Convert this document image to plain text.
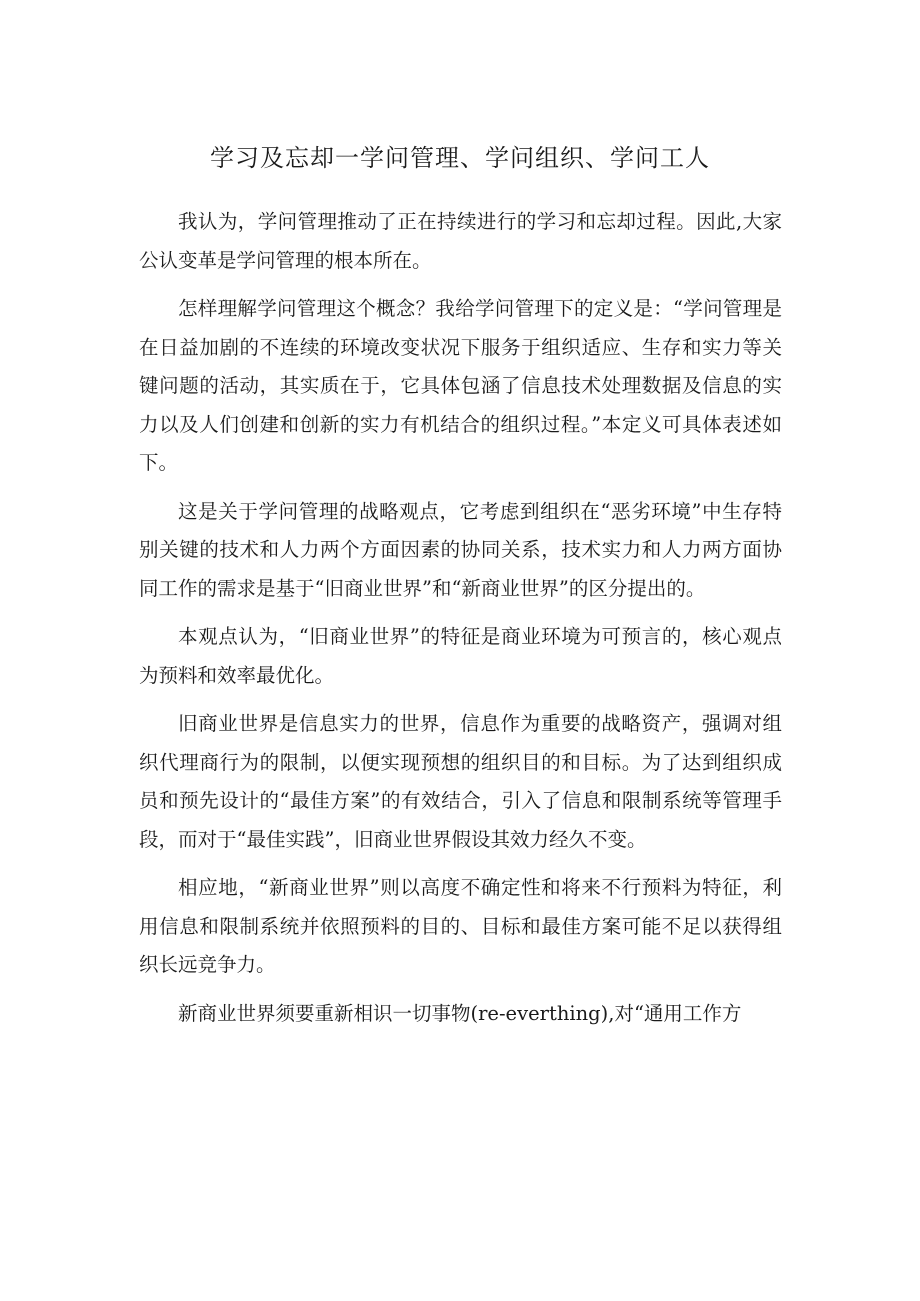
学习及忘却一学问管理、学问组织、学问工人

我认为，学问管理推动了正在持续进行的学习和忘却过程。因此,大家公认变革是学问管理的根本所在。

怎样理解学问管理这个概念？我给学问管理下的定义是：“学问管理是在日益加剧的不连续的环境改变状况下服务于组织适应、生存和实力等关键问题的活动，其实质在于，它具体包涵了信息技术处理数据及信息的实力以及人们创建和创新的实力有机结合的组织过程。”本定义可具体表述如下。

这是关于学问管理的战略观点，它考虑到组织在“恶劣环境”中生存特别关键的技术和人力两个方面因素的协同关系，技术实力和人力两方面协同工作的需求是基于“旧商业世界”和“新商业世界”的区分提出的。

本观点认为，“旧商业世界”的特征是商业环境为可预言的，核心观点为预料和效率最优化。

旧商业世界是信息实力的世界，信息作为重要的战略资产，强调对组织代理商行为的限制，以便实现预想的组织目的和目标。为了达到组织成员和预先设计的“最佳方案”的有效结合，引入了信息和限制系统等管理手段，而对于“最佳实践”，旧商业世界假设其效力经久不变。

相应地，“新商业世界”则以高度不确定性和将来不行预料为特征，利用信息和限制系统并依照预料的目的、目标和最佳方案可能不足以获得组织长远竞争力。

新商业世界须要重新相识一切事物(re-everthing),对“通用工作方
